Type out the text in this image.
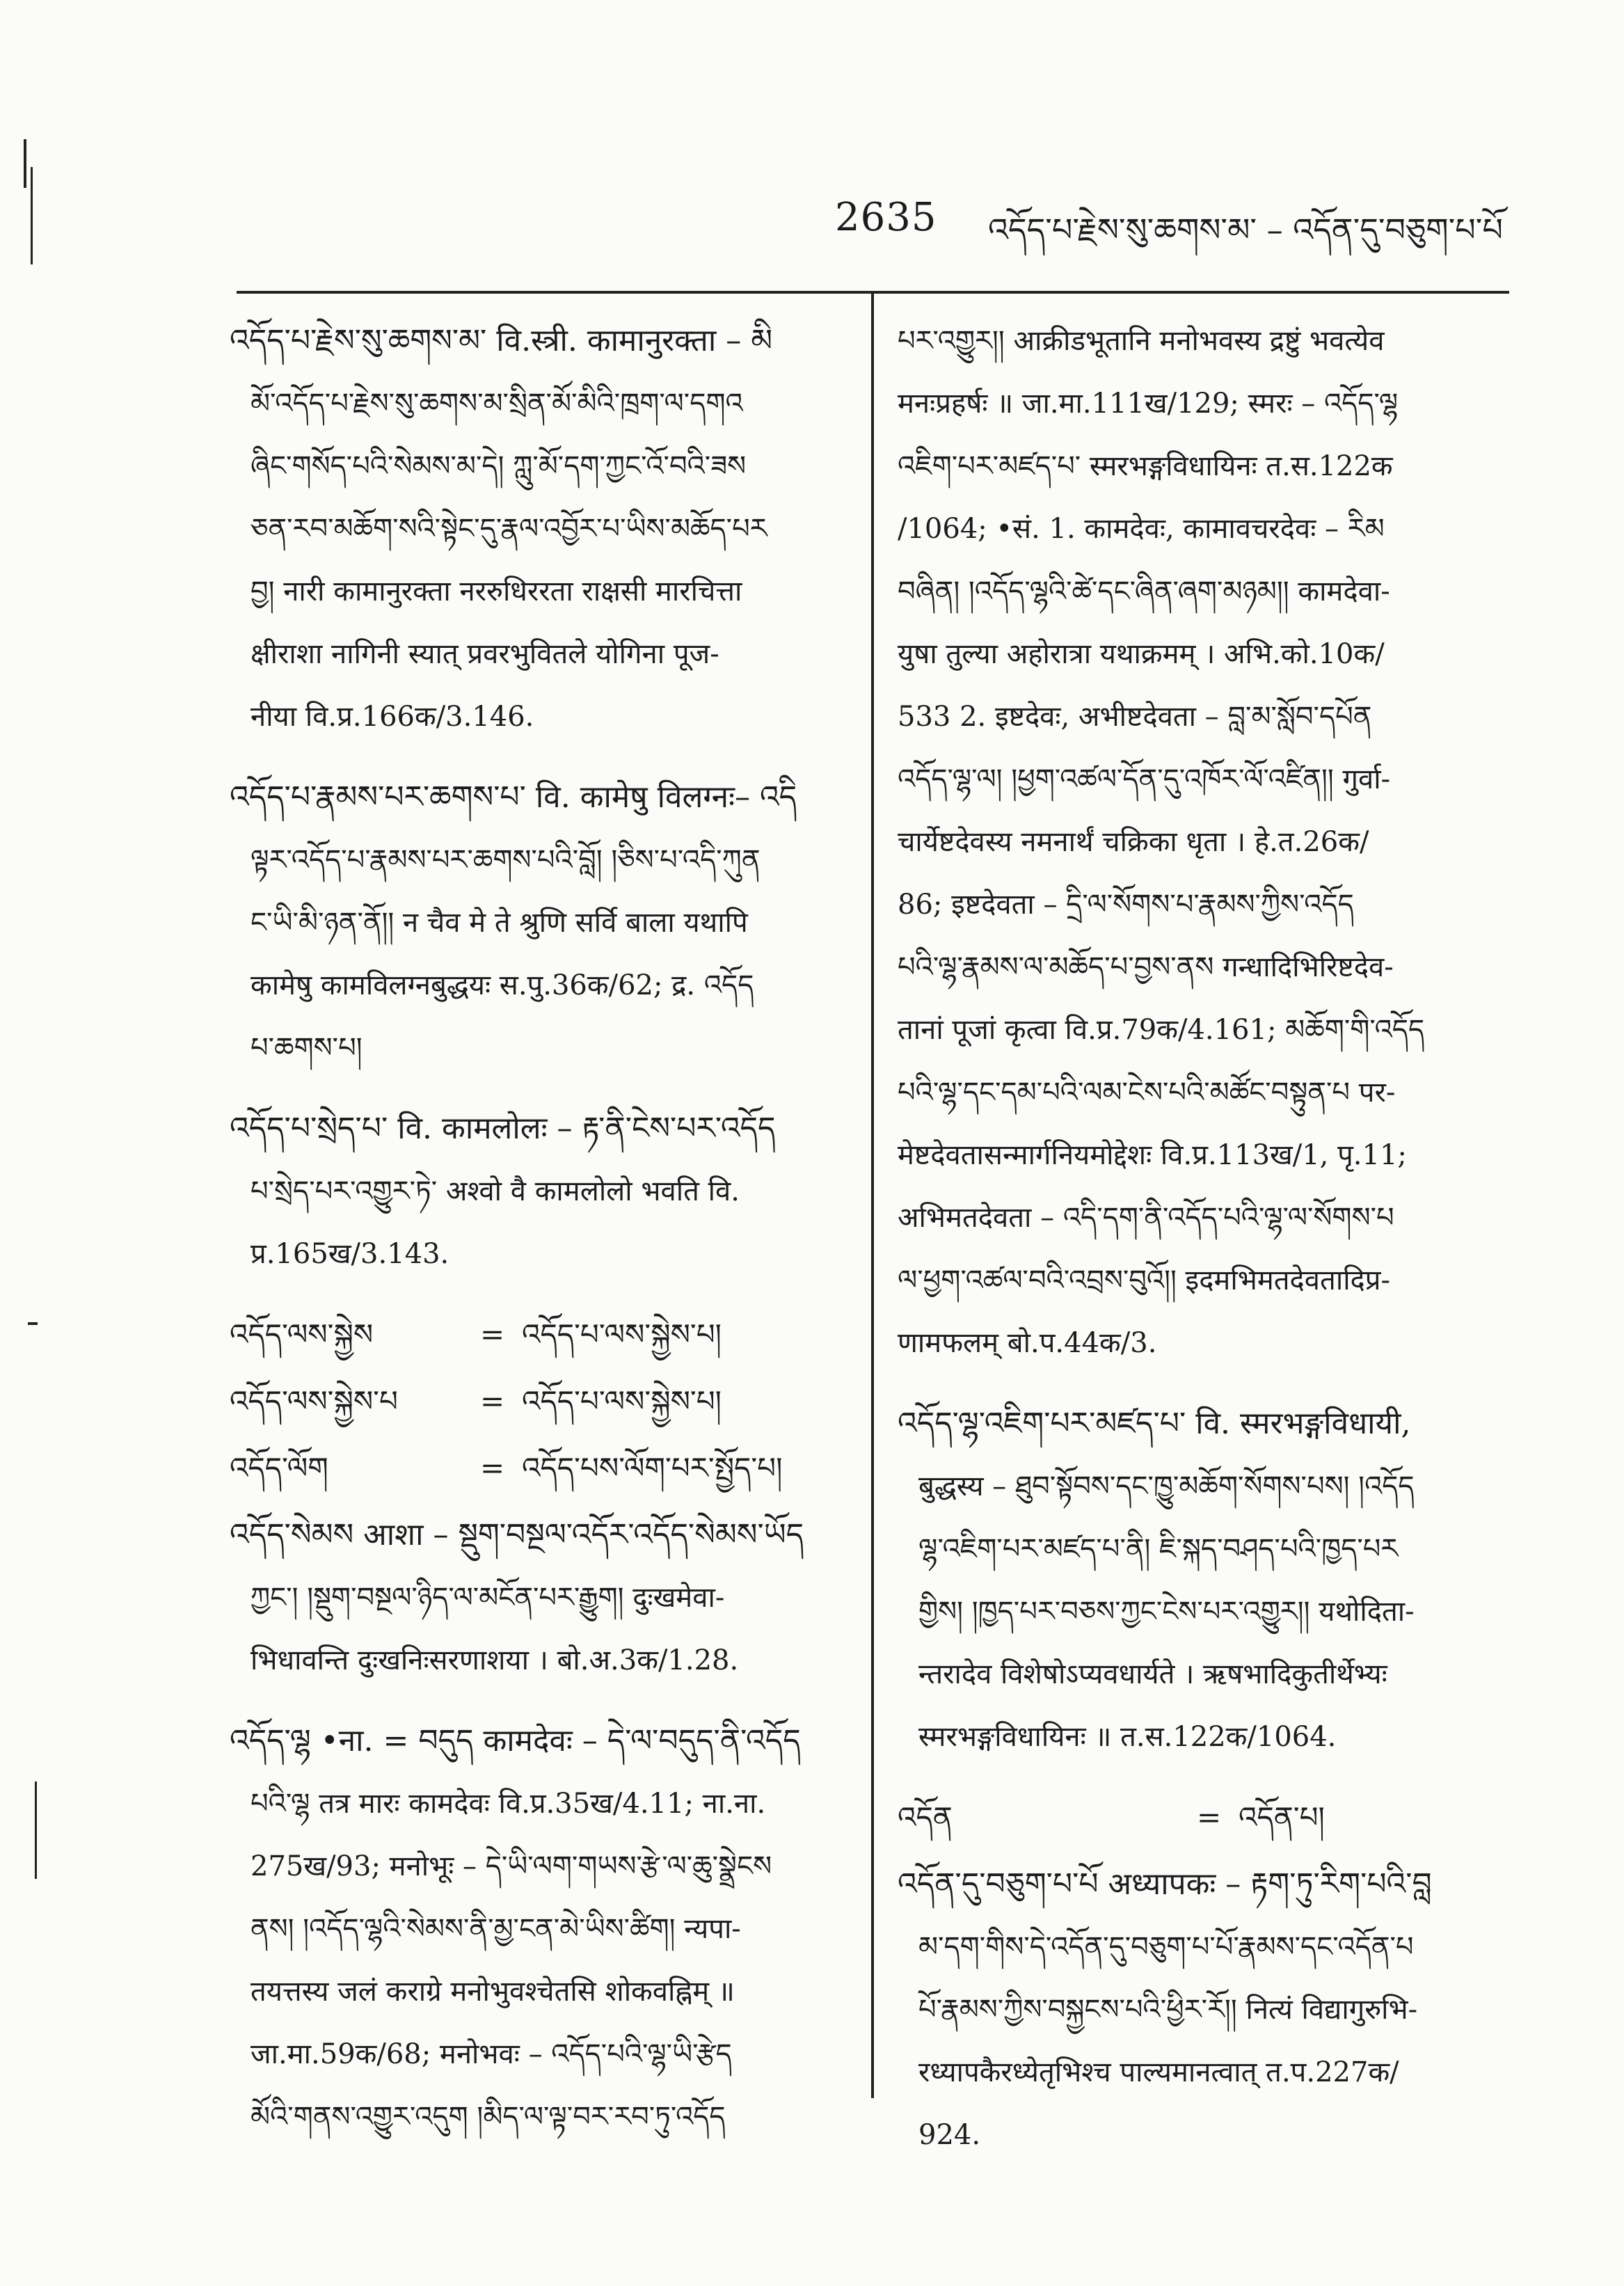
2635 འདོད་པ་རྗེས་སུ་ཆགས་མ་ – འདོན་དུ་བཅུག་པ་པོ
འདོད་པ་རྗེས་སུ་ཆགས་མ་ वि.स्त्री. कामानुरक्ता – མི
མོ་འདོད་པ་རྗེས་སུ་ཆགས་མ་སྲིན་མོ་མིའི་ཁྲག་ལ་དགའ
ཞིང་གསོད་པའི་སེམས་མ་དེ། ཀླུ་མོ་དག་ཀྱང་འོ་བའི་ཟས
ཅན་རབ་མཆོག་སའི་སྟེང་དུ་རྣལ་འབྱོར་པ་ཡིས་མཆོད་པར
བྱ། नारी कामानुरक्ता नररुधिररता राक्षसी मारचित्ता
क्षीराशा नागिनी स्यात् प्रवरभुवितले योगिना पूज-
नीया वि.प्र.166क/3.146.
འདོད་པ་རྣམས་པར་ཆགས་པ་ वि. कामेषु विलग्नः– འདི
ལྟར་འདོད་པ་རྣམས་པར་ཆགས་པའི་བློ། །ཅིས་པ་འདི་ཀུན
ང་ཡི་མི་ཉན་ནོ།། न चैव मे ते श्रुणि सर्वि बाला यथापि
कामेषु कामविलग्नबुद्धयः स.पु.36क/62; द्र. འདོད
པ་ཆགས་པ།
འདོད་པ་སྲེད་པ་ वि. कामलोलः – རྟ་ནི་ངེས་པར་འདོད
པ་སྲེད་པར་འགྱུར་ཏེ་ अश्वो वै कामलोलो भवति वि.
प्र.165ख/3.143.
འདོད་ལས་སྐྱེས	= འདོད་པ་ལས་སྐྱེས་པ།
འདོད་ལས་སྐྱེས་པ	= འདོད་པ་ལས་སྐྱེས་པ།
འདོད་ལོག	= འདོད་པས་ལོག་པར་སྤྱོད་པ།
འདོད་སེམས आशा – སྡུག་བསྔལ་འདོར་འདོད་སེམས་ཡོད
ཀྱང་། །སྡུག་བསྔལ་ཉིད་ལ་མངོན་པར་རྒྱུག། दुःखमेवा-
भिधावन्ति दुःखनिःसरणाशया । बो.अ.3क/1.28.
འདོད་ལྷ •ना. = བདུད कामदेवः – དེ་ལ་བདུད་ནི་འདོད
པའི་ལྷ तत्र मारः कामदेवः वि.प्र.35ख/4.11; ना.ना.
275ख/93; मनोभूः – དེ་ཡི་ལག་གཡས་རྩེ་ལ་ཆུ་སྣྲེངས
ནས། །འདོད་ལྷའི་སེམས་ནི་མྱ་ངན་མེ་ཡིས་ཚིག། न्यपा-
तयत्तस्य जलं कराग्रे मनोभुवश्चेतसि शोकवह्निम् ॥
जा.मा.59क/68; मनोभवः – འདོད་པའི་ལྷ་ཡི་རྩེད
མོའི་གནས་འགྱུར་འདུག །མིད་ལ་ལྟ་བར་རབ་ཏུ་འདོད
པར་འགྱུར།། आक्रीडभूतानि मनोभवस्य द्रष्टुं भवत्येव
मनःप्रहर्षः ॥ जा.मा.111ख/129; स्मरः – འདོད་ལྷ
འཇིག་པར་མཛད་པ་ स्मरभङ्गविधायिनः त.स.122क
/1064; •सं. 1. कामदेवः, कामावचरदेवः – རིམ
བཞིན། །འདོད་ལྷའི་ཚེ་དང་ཞིན་ཞག་མཉམ།། कामदेवा-
युषा तुल्या अहोरात्रा यथाक्रमम् । अभि.को.10क/
533 2. इष्टदेवः, अभीष्टदेवता – བླ་མ་སློབ་དཔོན
འདོད་ལྷ་ལ། །ཕྱག་འཚལ་དོན་དུ་འཁོར་ལོ་འཛིན།། गुर्वा-
चार्येष्टदेवस्य नमनार्थं चक्रिका धृता । हे.त.26क/
86; इष्टदेवता – དྲི་ལ་སོགས་པ་རྣམས་ཀྱིས་འདོད
པའི་ལྷ་རྣམས་ལ་མཆོད་པ་བྱས་ནས गन्धादिभिरिष्टदेव-
तानां पूजां कृत्वा वि.प्र.79क/4.161; མཆོག་གི་འདོད
པའི་ལྷ་དང་དམ་པའི་ལམ་ངེས་པའི་མཚོང་བསྟུན་པ पर-
मेष्टदेवतासन्मार्गनियमोद्देशः वि.प्र.113ख/1, पृ.11;
अभिमतदेवता – འདི་དག་ནི་འདོད་པའི་ལྷ་ལ་སོགས་པ
ལ་ཕྱག་འཚལ་བའི་འབྲས་བུའོ།། इदमभिमतदेवतादिप्र-
णामफलम् बो.प.44क/3.
འདོད་ལྷ་འཇིག་པར་མཛད་པ་ वि. स्मरभङ्गविधायी,
बुद्धस्य – ཐུབ་སྟོབས་དང་ཁྱུ་མཆོག་སོགས་པས། །འདོད
ལྷ་འཇིག་པར་མཛད་པ་ནི། ཇི་སྐད་བཤད་པའི་ཁྱད་པར
གྱིས། །ཁྱད་པར་བཅས་ཀྱང་ངེས་པར་འགྱུར།། यथोदिता-
न्तरादेव विशेषोऽप्यवधार्यते । ऋषभादिकुतीर्थेभ्यः
स्मरभङ्गविधायिनः ॥ त.स.122क/1064.
འདོན	= འདོན་པ།
འདོན་དུ་བཅུག་པ་པོ अध्यापकः – རྟག་ཏུ་རིག་པའི་བླ
མ་དག་གིས་དེ་འདོན་དུ་བཅུག་པ་པོ་རྣམས་དང་འདོན་པ
པོ་རྣམས་ཀྱིས་བསྐྱངས་པའི་ཕྱིར་རོ།། नित्यं विद्यागुरुभि-
रध्यापकैरध्येतृभिश्च पाल्यमानत्वात् त.प.227क/
924.
